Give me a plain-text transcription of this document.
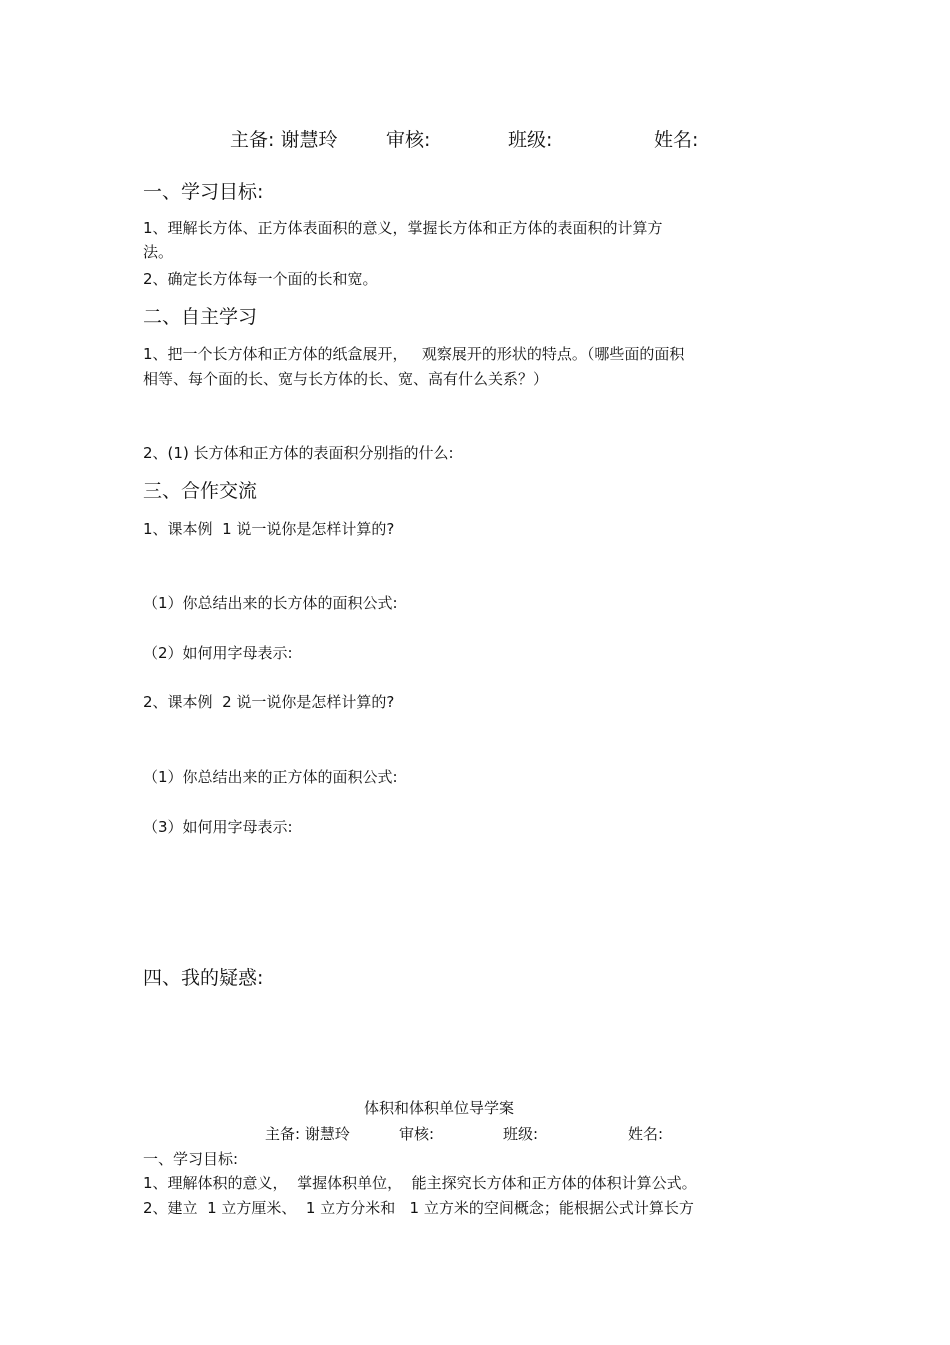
主备: 谢慧玲	审核:	班级:	姓名:
一、学习目标:
1、理解长方体、正方体表面积的意义，掌握长方体和正方体的表面积的计算方
法。
2、确定长方体每一个面的长和宽。
二、自主学习
1、把一个长方体和正方体的纸盒展开，   观察展开的形状的特点。（哪些面的面积
相等、每个面的长、宽与长方体的长、宽、高有什么关系？）
2、(1) 长方体和正方体的表面积分别指的什么:
三、合作交流
1、课本例  1 说一说你是怎样计算的?
（1）你总结出来的长方体的面积公式:
（2）如何用字母表示:
2、课本例  2 说一说你是怎样计算的?
（1）你总结出来的正方体的面积公式:
（3）如何用字母表示:
四、我的疑惑:
体积和体积单位导学案
主备: 谢慧玲	审核:	班级:	姓名:
一、学习目标:
1、理解体积的意义，  掌握体积单位，  能主探究长方体和正方体的体积计算公式。
2、建立  1 立方厘米、  1 立方分米和   1 立方米的空间概念；能根据公式计算长方
